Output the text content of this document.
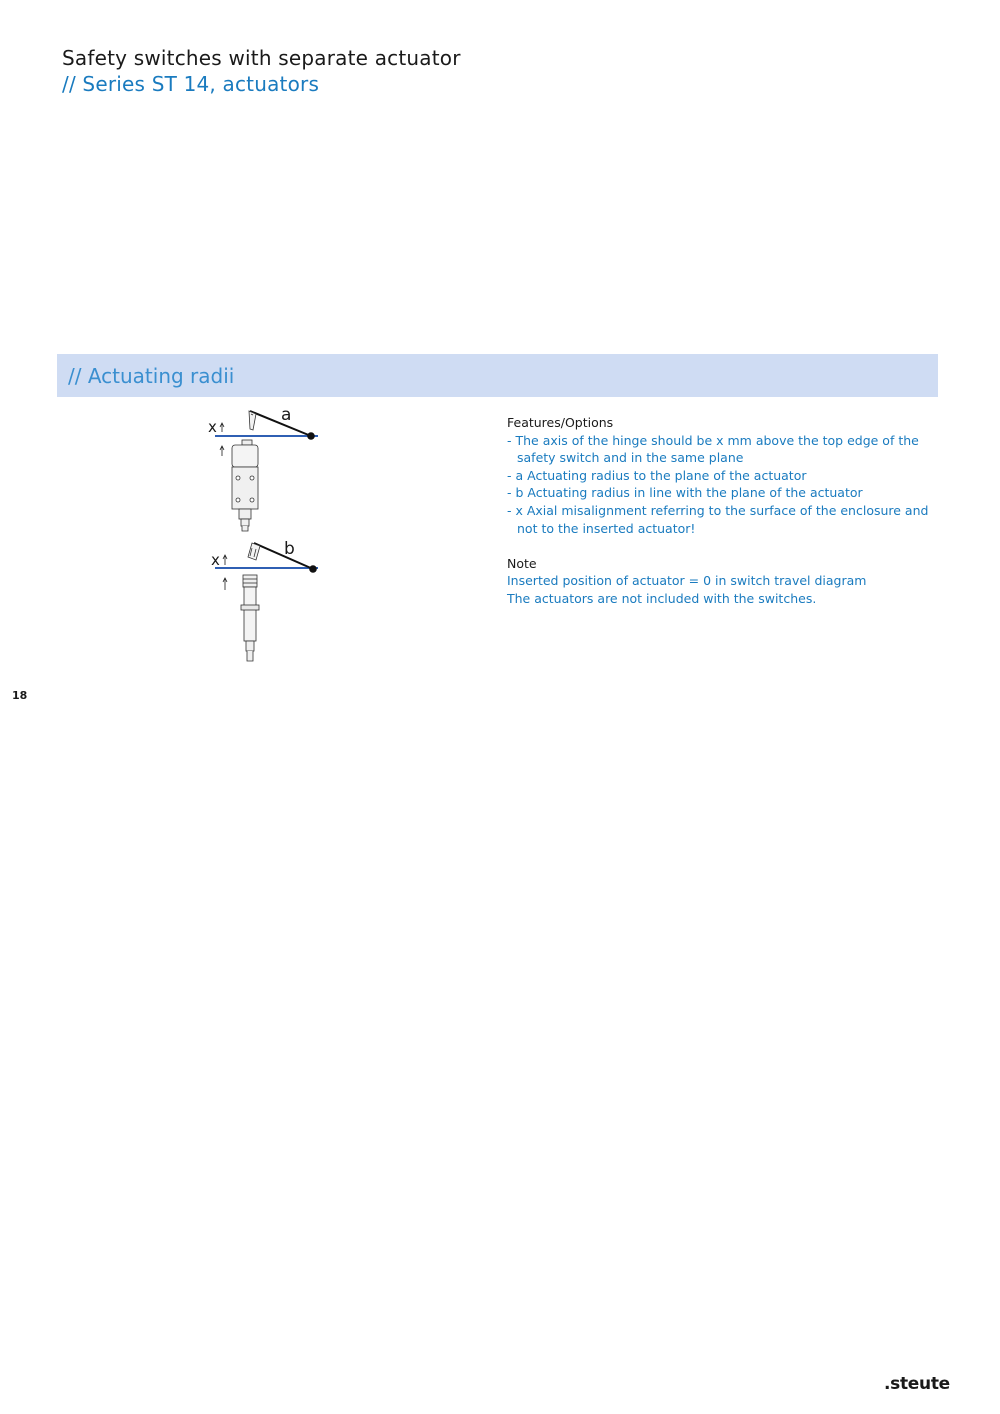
Safety switches with separate actuator
// Series ST 14, actuators
// Actuating radii
x
a
x
b
Features/Options
- The axis of the hinge should be x mm above the top edge of the safety switch and in the same plane
- a Actuating radius to the plane of the actuator
- b Actuating radius in line with the plane of the actuator
- x Axial misalignment referring to the surface of the enclosure and not to the inserted actuator!
Note
Inserted position of actuator = 0 in switch travel diagram
The actuators are not included with the switches.
18
.steute
